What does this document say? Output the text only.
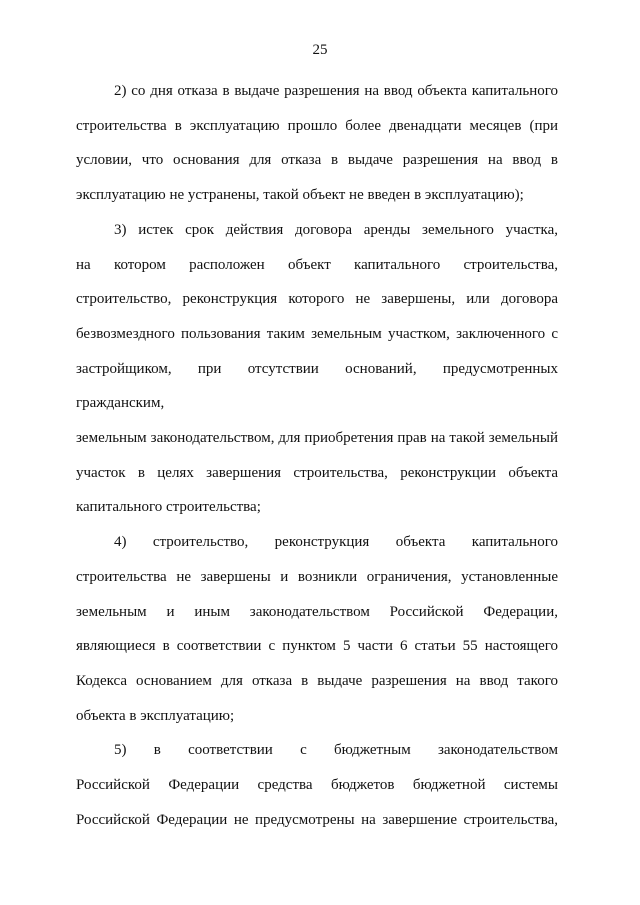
25
2) со дня отказа в выдаче разрешения на ввод объекта капитального
строительства в эксплуатацию прошло более двенадцати месяцев (при
условии, что основания для отказа в выдаче разрешения на ввод в
эксплуатацию не устранены, такой объект не введен в эксплуатацию);
3) истек срок действия договора аренды земельного участка,
на котором расположен объект капитального строительства,
строительство, реконструкция которого не завершены, или договора
безвозмездного пользования таким земельным участком, заключенного с
застройщиком, при отсутствии оснований, предусмотренных гражданским,
земельным законодательством, для приобретения прав на такой земельный
участок в целях завершения строительства, реконструкции объекта
капитального строительства;
4) строительство, реконструкция объекта капитального
строительства не завершены и возникли ограничения, установленные
земельным и иным законодательством Российской Федерации,
являющиеся в соответствии с пунктом 5 части 6 статьи 55 настоящего
Кодекса основанием для отказа в выдаче разрешения на ввод такого
объекта в эксплуатацию;
5) в соответствии с бюджетным законодательством
Российской Федерации средства бюджетов бюджетной системы
Российской Федерации не предусмотрены на завершение строительства,
